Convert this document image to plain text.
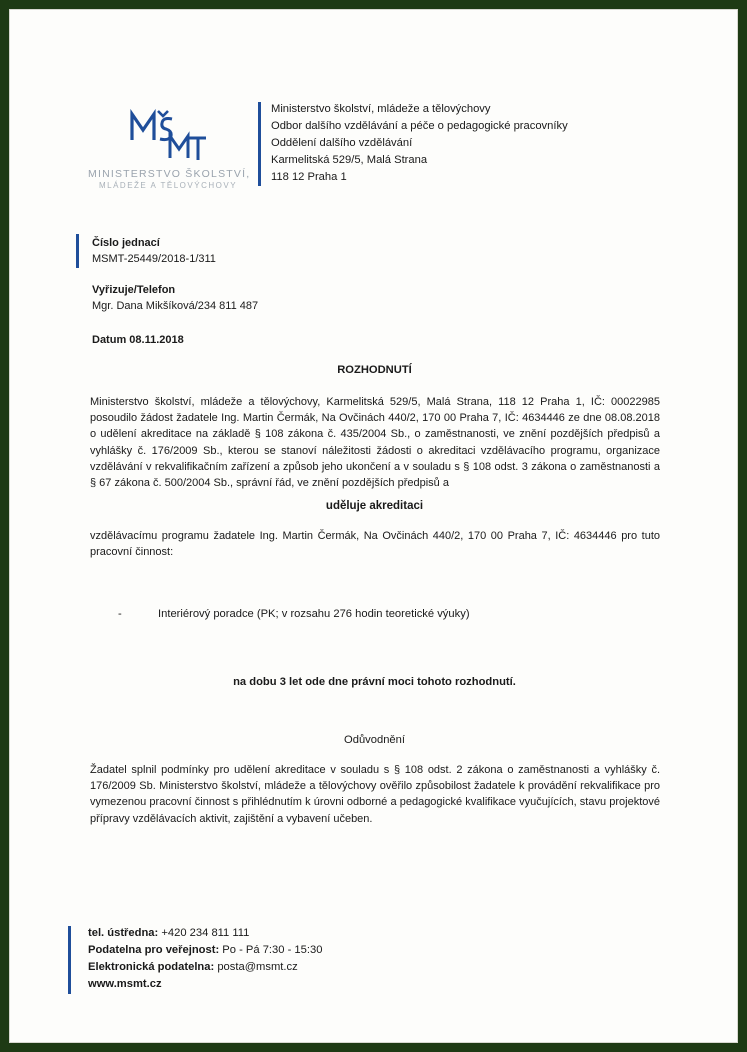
MINISTERSTVO ŠKOLSTVÍ,
MLÁDEŽE A TĚLOVÝCHOVY
Ministerstvo školství, mládeže a tělovýchovy
Odbor dalšího vzdělávání a péče o pedagogické pracovníky
Oddělení dalšího vzdělávání
Karmelitská 529/5, Malá Strana
118 12 Praha 1
Číslo jednací
MSMT-25449/2018-1/311
Vyřizuje/Telefon
Mgr. Dana Mikšíková/234 811 487
Datum 08.11.2018
ROZHODNUTÍ
Ministerstvo školství, mládeže a tělovýchovy, Karmelitská 529/5, Malá Strana, 118 12 Praha 1, IČ: 00022985 posoudilo žádost žadatele Ing. Martin Čermák, Na Ovčinách 440/2, 170 00 Praha 7, IČ: 4634446 ze dne 08.08.2018 o udělení akreditace na základě § 108 zákona č. 435/2004 Sb., o zaměstnanosti, ve znění pozdějších předpisů a vyhlášky č. 176/2009 Sb., kterou se stanoví náležitosti žádosti o akreditaci vzdělávacího programu, organizace vzdělávání v rekvalifikačním zařízení a způsob jeho ukončení a v souladu s § 108 odst. 3 zákona o zaměstnanosti a § 67 zákona č. 500/2004 Sb., správní řád, ve znění pozdějších předpisů a
uděluje akreditaci
vzdělávacímu programu žadatele Ing. Martin Čermák, Na Ovčinách 440/2, 170 00 Praha 7, IČ: 4634446 pro tuto pracovní činnost:
-	Interiérový poradce (PK; v rozsahu 276 hodin teoretické výuky)
na dobu 3 let ode dne právní moci tohoto rozhodnutí.
Odůvodnění
Žadatel splnil podmínky pro udělení akreditace v souladu s § 108 odst. 2 zákona o zaměstnanosti a vyhlášky č. 176/2009 Sb. Ministerstvo školství, mládeže a tělovýchovy ověřilo způsobilost žadatele k provádění rekvalifikace pro vymezenou pracovní činnost s přihlédnutím k úrovni odborné a pedagogické kvalifikace vyučujících, stavu projektové přípravy vzdělávacích aktivit, zajištění a vybavení učeben.
tel. ústředna: +420 234 811 111
Podatelna pro veřejnost: Po - Pá 7:30 - 15:30
Elektronická podatelna: posta@msmt.cz
www.msmt.cz
